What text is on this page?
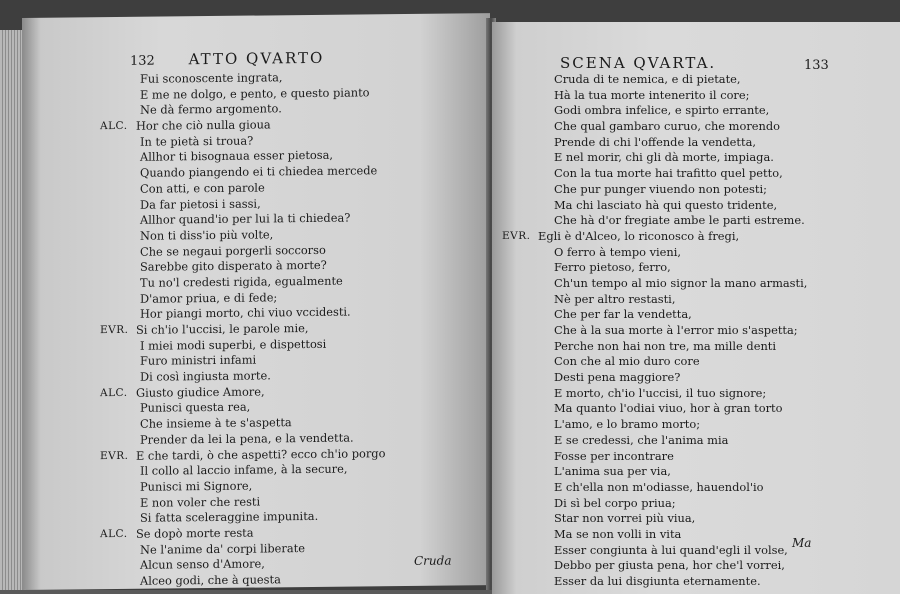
132 ATTO QVARTO
Fui sconoscente ingrata,
E me ne dolgo, e pento, e questo pianto
Ne dà fermo argomento.
ALC. Hor che ciò nulla gioua
In te pietà si troua?
Allhor ti bisognaua esser pietosa,
Quando piangendo ei ti chiedea mercede
Con atti, e con parole
Da far pietosi i sassi,
Allhor quand'io per lui la ti chiedea?
Non ti diss'io più volte,
Che se negaui porgerli soccorso
Sarebbe gito disperato à morte?
Tu no'l credesti rigida, egualmente
D'amor priua, e di fede;
Hor piangi morto, chi viuo vccidesti.
EVR. Si ch'io l'uccisi, le parole mie,
I miei modi superbi, e dispettosi
Furo ministri infami
Di così ingiusta morte.
ALC. Giusto giudice Amore,
Punisci questa rea,
Che insieme à te s'aspetta
Prender da lei la pena, e la vendetta.
EVR. E che tardi, ò che aspetti? ecco ch'io porgo
Il collo al laccio infame, à la secure,
Punisci mi Signore,
E non voler che resti
Si fatta sceleraggine impunita.
ALC. Se dopò morte resta
Ne l'anime da' corpi liberate
Alcun senso d'Amore,
Alceo godi, che à questa
Cruda
SCENA QVARTA.	133
Cruda di te nemica, e di pietate,
Hà la tua morte intenerito il core;
Godi ombra infelice, e spirto errante,
Che qual gambaro curuo, che morendo
Prende di chi l'offende la vendetta,
E nel morir, chi gli dà morte, impiaga.
Con la tua morte hai trafitto quel petto,
Che pur punger viuendo non potesti;
Ma chi lasciato hà qui questo tridente,
Che hà d'or fregiate ambe le parti estreme.
EVR. Egli è d'Alceo, lo riconosco à fregi,
O ferro à tempo vieni,
Ferro pietoso, ferro,
Ch'un tempo al mio signor la mano armasti,
Nè per altro restasti,
Che per far la vendetta,
Che à la sua morte à l'error mio s'aspetta;
Perche non hai non tre, ma mille denti
Con che al mio duro core
Desti pena maggiore?
E morto, ch'io l'uccisi, il tuo signore;
Ma quanto l'odiai viuo, hor à gran torto
L'amo, e lo bramo morto;
E se credessi, che l'anima mia
Fosse per incontrare
L'anima sua per via,
E ch'ella non m'odiasse, hauendol'io
Di sì bel corpo priua;
Star non vorrei più viua,
Ma se non volli in vita
Esser congiunta à lui quand'egli il volse,
Debbo per giusta pena, hor che'l vorrei,
Esser da lui disgiunta eternamente.
Ma
